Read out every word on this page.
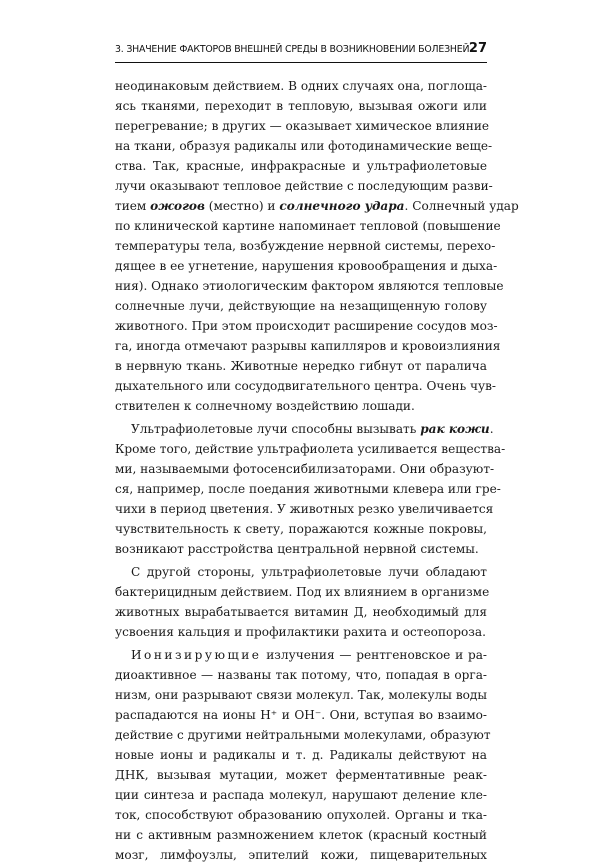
3. ЗНАЧЕНИЕ ФАКТОРОВ ВНЕШНЕЙ СРЕДЫ В ВОЗНИКНОВЕНИИ БОЛЕЗНЕЙ 27
неодинаковым действием. В одних случаях она, поглоща-
ясь тканями, переходит в тепловую, вызывая ожоги или
перегревание; в других — оказывает химическое влияние
на ткани, образуя радикалы или фотодинамические веще-
ства. Так, красные, инфракрасные и ультрафиолетовые
лучи оказывают тепловое действие с последующим разви-
тием ожогов (местно) и солнечного удара. Солнечный удар
по клинической картине напоминает тепловой (повышение
температуры тела, возбуждение нервной системы, перехо-
дящее в ее угнетение, нарушения кровообращения и дыха-
ния). Однако этиологическим фактором являются тепловые
солнечные лучи, действующие на незащищенную голову
животного. При этом происходит расширение сосудов моз-
га, иногда отмечают разрывы капилляров и кровоизлияния
в нервную ткань. Животные нередко гибнут от паралича
дыхательного или сосудодвигательного центра. Очень чув-
ствителен к солнечному воздействию лошади.
Ультрафиолетовые лучи способны вызывать рак кожи.
Кроме того, действие ультрафиолета усиливается вещества-
ми, называемыми фотосенсибилизаторами. Они образуют-
ся, например, после поедания животными клевера или гре-
чихи в период цветения. У животных резко увеличивается
чувствительность к свету, поражаются кожные покровы,
возникают расстройства центральной нервной системы.
С другой стороны, ультрафиолетовые лучи обладают
бактерицидным действием. Под их влиянием в организме
животных вырабатывается витамин Д, необходимый для
усвоения кальция и профилактики рахита и остеопороза.
Ионизирующие излучения — рентгеновское и ра-
диоактивное — названы так потому, что, попадая в орга-
низм, они разрывают связи молекул. Так, молекулы воды
распадаются на ионы H⁺ и OH⁻. Они, вступая во взаимо-
действие с другими нейтральными молекулами, образуют
новые ионы и радикалы и т. д. Радикалы действуют на
ДНК, вызывая мутации, может ферментативные реак-
ции синтеза и распада молекул, нарушают деление кле-
ток, способствуют образованию опухолей. Органы и тка-
ни с активным размножением клеток (красный костный
мозг, лимфоузлы, эпителий кожи, пищеварительных
